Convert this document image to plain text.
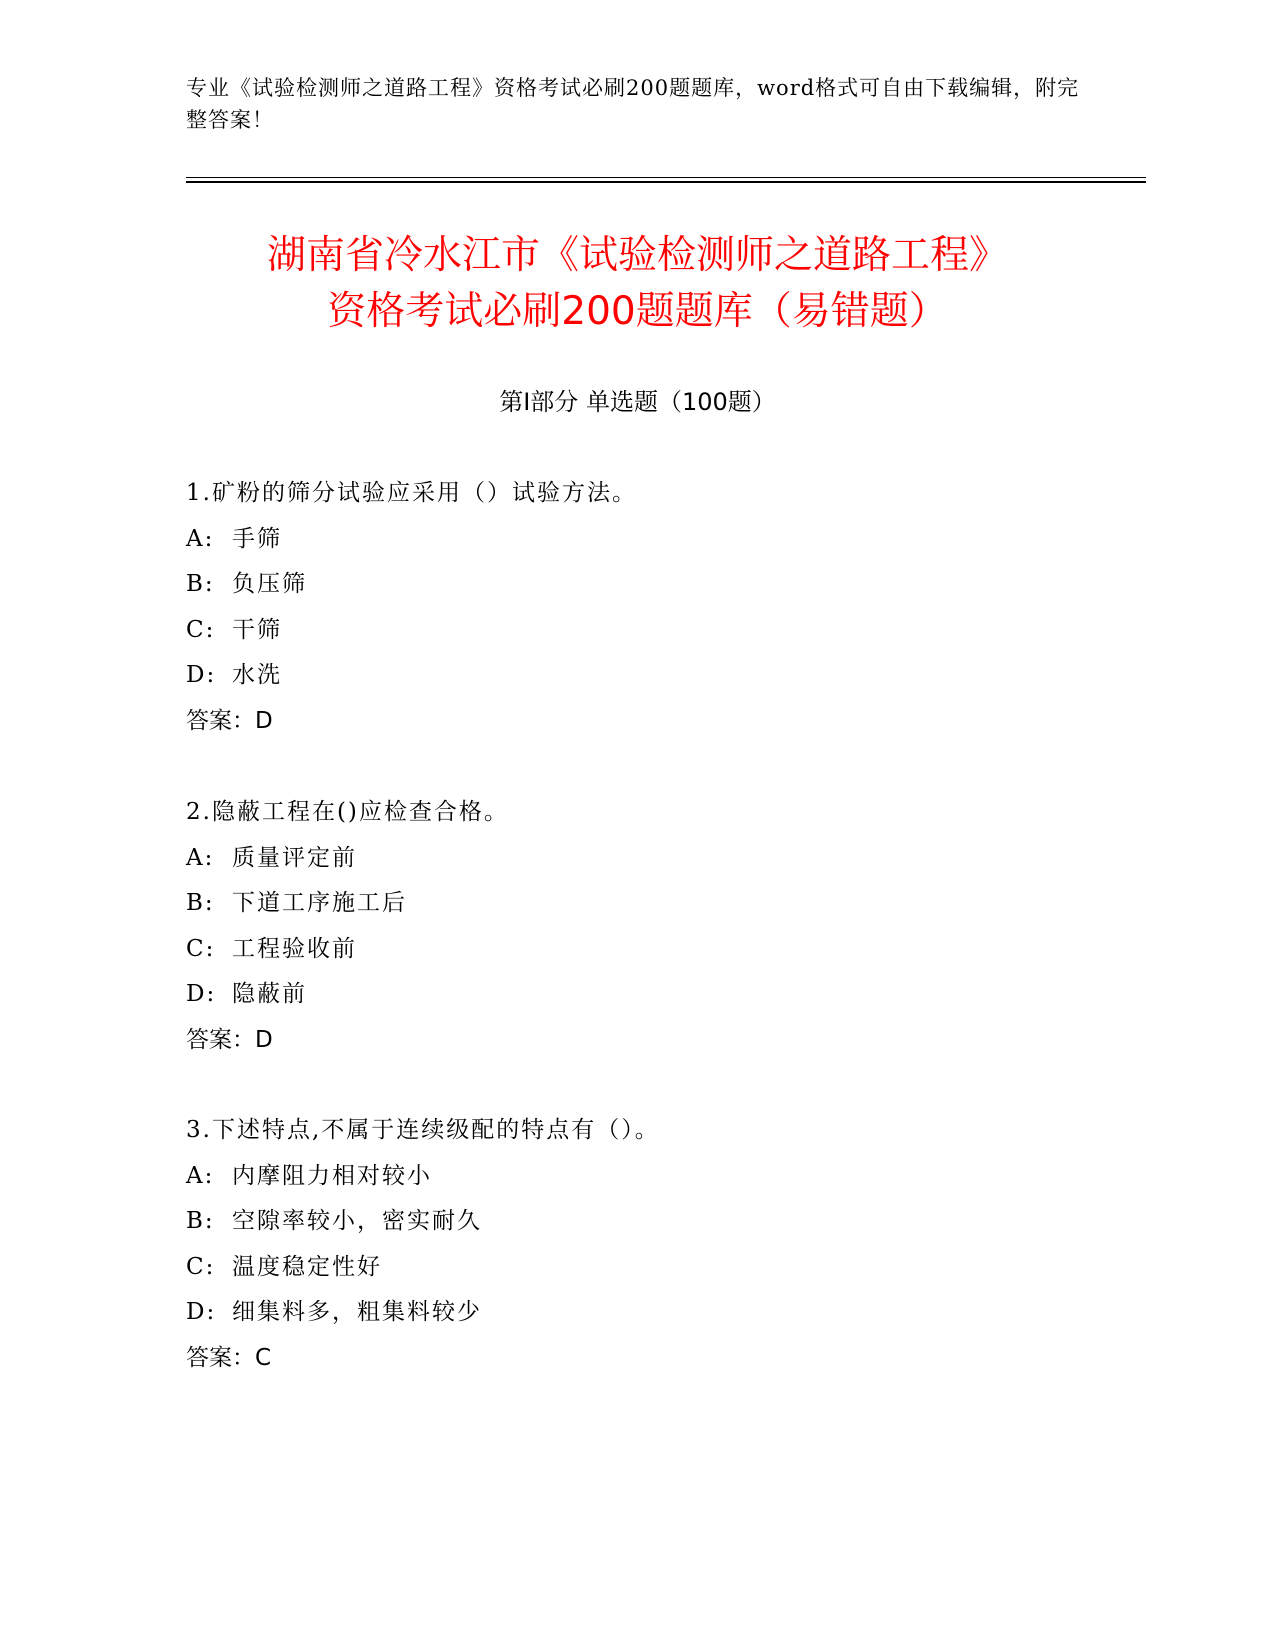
专业《试验检测师之道路工程》资格考试必刷200题题库，word格式可自由下载编辑，附完整答案！
湖南省冷水江市《试验检测师之道路工程》
资格考试必刷200题题库（易错题）
第I部分 单选题（100题）
1.矿粉的筛分试验应采用（）试验方法。
A: 手筛
B: 负压筛
C: 干筛
D: 水洗
答案：D
2.隐蔽工程在()应检查合格。
A: 质量评定前
B: 下道工序施工后
C: 工程验收前
D: 隐蔽前
答案：D
3.下述特点,不属于连续级配的特点有（）。
A: 内摩阻力相对较小
B: 空隙率较小，密实耐久
C: 温度稳定性好
D: 细集料多，粗集料较少
答案：C
